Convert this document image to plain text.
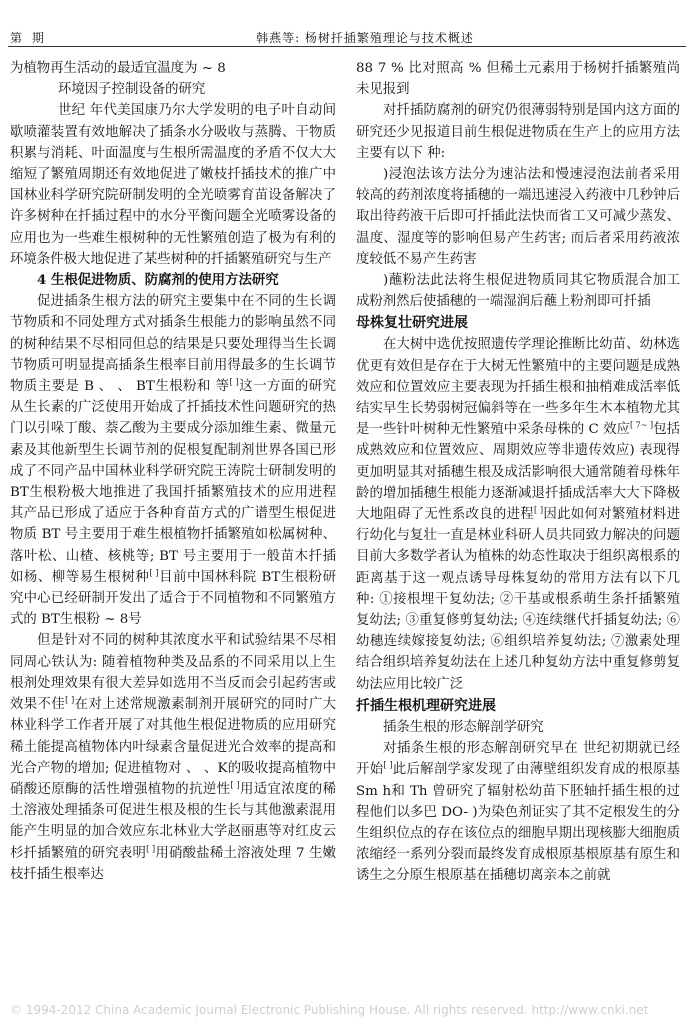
第期	韩燕等: 杨树扦插繁殖理论与技术概述

为植物再生活动的最适宜温度为 ~ 8

环境因子控制设备的研究

世纪 年代美国康乃尔大学发明的电子叶自动间歇喷灌装置有效地解决了插条水分吸收与蒸腾、干物质积累与消耗、叶面温度与生根所需温度的矛盾不仅大大缩短了繁殖周期还有效地促进了嫩枝扦插技术的推广中国林业科学研究院研制发明的全光喷雾育苗设备解决了许多树种在扦插过程中的水分平衡问题全光喷雾设备的应用也为一些难生根树种的无性繁殖创造了极为有利的环境条件极大地促进了某些树种的扦插繁殖研究与生产

4 生根促进物质、防腐剂的使用方法研究

促进插条生根方法的研究主要集中在不同的生长调节物质和不同处理方式对插条生根能力的影响虽然不同的树种结果不尽相同但总的结果是只要处理得当生长调节物质可明显提高插条生根率目前用得最多的生长调节物质主要是 B 、 、 BT生根粉和 等[ ]这一方面的研究从生长素的广泛使用开始成了扦插技术性问题研究的热门以引哚丁酸、萘乙酸为主要成分添加维生素、微量元素及其他新型生长调节剂的促根复配制剂世界各国已形成了不同产品中国林业科学研究院王涛院士研制发明的 BT生根粉极大地推进了我国扦插繁殖技术的应用进程其产品已形成了适应于各种育苗方式的广谱型生根促进物质 BT 号主要用于难生根植物扦插繁殖如松属树种、落叶松、山楂、核桃等; BT 号主要用于一般苗木扦插如杨、柳等易生根树种[ ]目前中国林科院 BT生根粉研究中心已经研制开发出了适合于不同植物和不同繁殖方式的 BT生根粉 ~ 8号

但是针对不同的树种其浓度水平和试验结果不尽相同周心铁认为: 随着植物种类及品系的不同采用以上生根剂处理效果有很大差异如选用不当反而会引起药害或效果不佳[ ]在对上述常规激素制剂开展研究的同时广大林业科学工作者开展了对其他生根促进物质的应用研究稀土能提高植物体内叶绿素含量促进光合效率的提高和光合产物的增加; 促进植物对 、 、K的吸收提高植物中硝酸还原酶的活性增强植物的抗逆性[ ]用适宜浓度的稀土溶液处理插条可促进生根及根的生长与其他激素混用能产生明显的加合效应东北林业大学赵丽惠等对红皮云杉扦插繁殖的研究表明[ ]用硝酸盐稀土溶液处理 7 生嫩枝扦插生根率达

88 7 % 比对照高 % 但稀土元素用于杨树扦插繁殖尚未见报到

对扦插防腐剂的研究仍很薄弱特别是国内这方面的研究还少见报道目前生根促进物质在生产上的应用方法主要有以下 种:

)浸泡法该方法分为速沾法和慢速浸泡法前者采用较高的药剂浓度将插穗的一端迅速浸入药液中几秒钟后取出待药液干后即可扦插此法快而省工又可减少蒸发、温度、湿度等的影响但易产生药害; 而后者采用药液浓度较低不易产生药害

)蘸粉法此法将生根促进物质同其它物质混合加工成粉剂然后使插穗的一端湿润后蘸上粉剂即可扦插

母株复壮研究进展

在大树中选优按照遗传学理论推断比幼苗、幼林选优更有效但是存在于大树无性繁殖中的主要问题是成熟效应和位置效应主要表现为扦插生根和抽梢难成活率低结实早生长势弱树冠偏斜等在一些多年生木本植物尤其是一些针叶树种无性繁殖中采条母株的 C 效应[ 7~ ]包括成熟效应和位置效应、周期效应等非遗传效应) 表现得更加明显其对插穗生根及成活影响很大通常随着母株年龄的增加插穗生根能力逐渐减退扦插成活率大大下降极大地阻碍了无性系改良的进程[ ]因此如何对繁殖材料进行幼化与复壮一直是林业科研人员共同致力解决的问题目前大多数学者认为植株的幼态性取决于组织离根系的距离基于这一观点诱导母株复幼的常用方法有以下几种: ①接根埋干复幼法; ②干基或根系萌生条扦插繁殖复幼法; ③重复修剪复幼法; ④连续继代扦插复幼法; ⑥幼穗连续嫁接复幼法; ⑥组织培养复幼法; ⑦激素处理结合组织培养复幼法在上述几种复幼方法中重复修剪复幼法应用比较广泛

扦插生根机理研究进展

插条生根的形态解剖学研究

对插条生根的形态解剖研究早在 世纪初期就已经开始[ ]此后解剖学家发现了由薄壁组织发育成的根原基 Sm h和 Th 曾研究了辐射松幼苗下胚轴扦插生根的过程他们以多巴 DO- )为染色剂证实了其不定根发生的分生组织位点的存在该位点的细胞早期出现核膨大细胞质浓缩经一系列分裂而最终发育成根原基根原基有原生和诱生之分原生根原基在插穗切离亲本之前就

© 1994-2012 China Academic Journal Electronic Publishing House. All rights reserved. http://www.cnki.net
